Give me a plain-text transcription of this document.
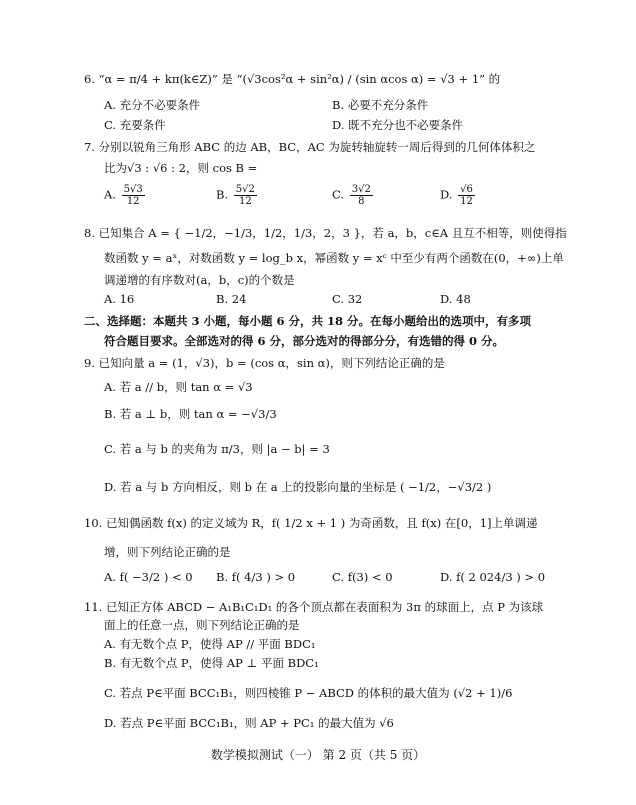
6. “α = π/4 + kπ(k∈Z)” 是 “(√3cos²α + sin²α) / (sin αcos α) = √3 + 1” 的
A. 充分不必要条件	B. 必要不充分条件
C. 充要条件	D. 既不充分也不必要条件
7. 分别以锐角三角形 ABC 的边 AB，BC，AC 为旋转轴旋转一周后得到的几何体体积之
比为√3 : √6 : 2，则 cos B =
A. $\frac{5√3}{12}$	B. $\frac{5√2}{12}$	C. $\frac{3√2}{8}$	D. $\frac{√6}{12}$
8. 已知集合 A = { −1/2，−1/3，1/2，1/3，2，3 }，若 a，b，c∈A 且互不相等，则使得指
数函数 y = aˣ，对数函数 y = log_b x，幂函数 y = xᶜ 中至少有两个函数在(0，+∞)上单
调递增的有序数对(a，b，c)的个数是
A. 16	B. 24	C. 32	D. 48
二、选择题：本题共 3 小题，每小题 6 分，共 18 分。在每小题给出的选项中，有多项
符合题目要求。全部选对的得 6 分，部分选对的得部分分，有选错的得 0 分。
9. 已知向量 a = (1，√3)，b = (cos α，sin α)，则下列结论正确的是
A. 若 a // b，则 tan α = √3
B. 若 a ⊥ b，则 tan α = −√3/3
C. 若 a 与 b 的夹角为 π/3，则 |a − b| = 3
D. 若 a 与 b 方向相反，则 b 在 a 上的投影向量的坐标是 ( −1/2，−√3/2 )
10. 已知偶函数 f(x) 的定义域为 R，f( 1/2 x + 1 ) 为奇函数，且 f(x) 在[0，1]上单调递
增，则下列结论正确的是
A. f( −3/2 ) < 0 B. f( 4/3 ) > 0	C. f(3) < 0	D. f( 2 024/3 ) > 0
11. 已知正方体 ABCD − A₁B₁C₁D₁ 的各个顶点都在表面积为 3π 的球面上，点 P 为该球
面上的任意一点，则下列结论正确的是
A. 有无数个点 P，使得 AP // 平面 BDC₁
B. 有无数个点 P，使得 AP ⊥ 平面 BDC₁
C. 若点 P∈平面 BCC₁B₁，则四棱锥 P − ABCD 的体积的最大值为 (√2 + 1)/6
D. 若点 P∈平面 BCC₁B₁，则 AP + PC₁ 的最大值为 √6
数学模拟测试（一） 第 2 页（共 5 页）
